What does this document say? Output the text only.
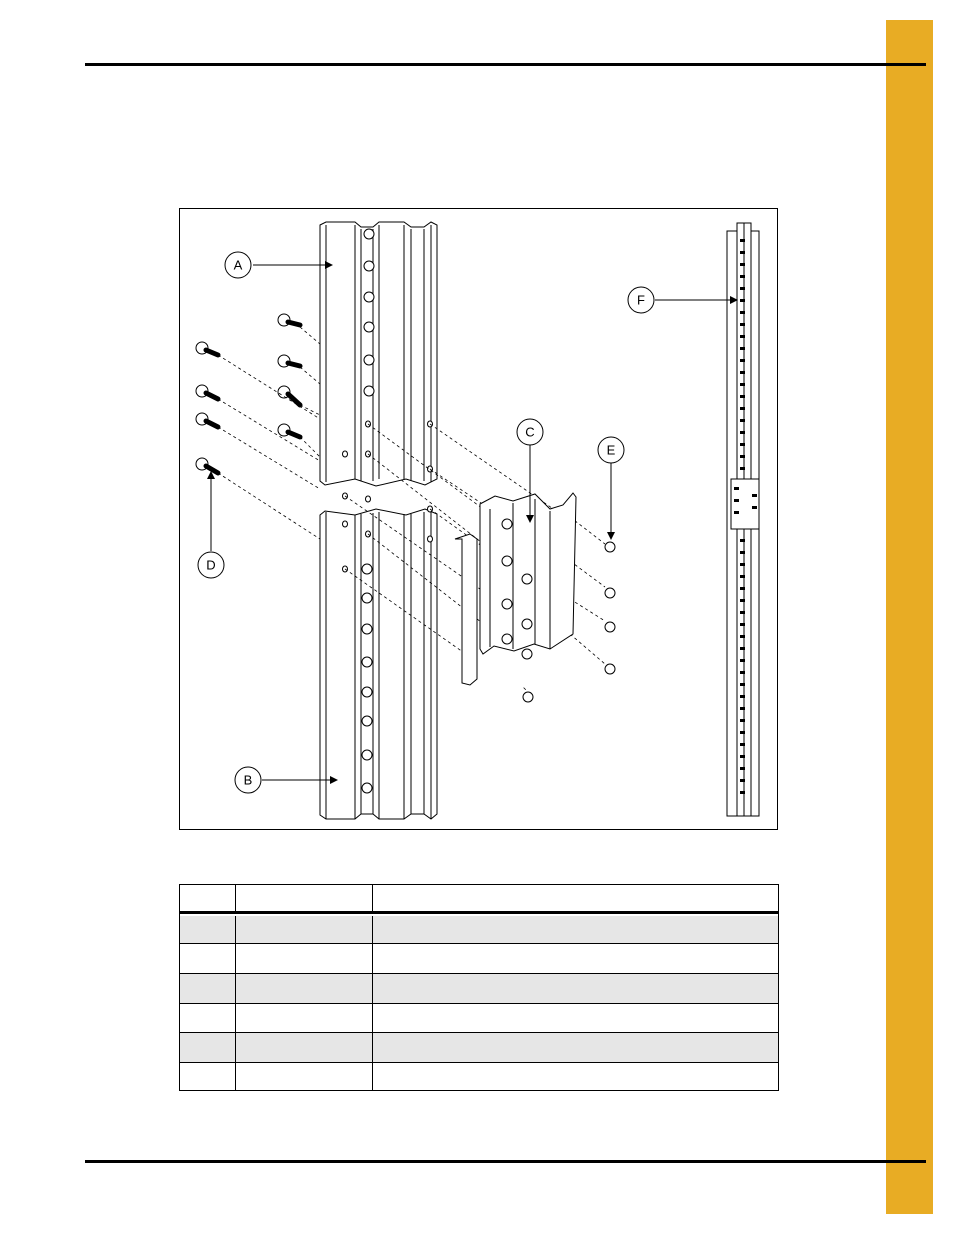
A
B
C
D
E
F
